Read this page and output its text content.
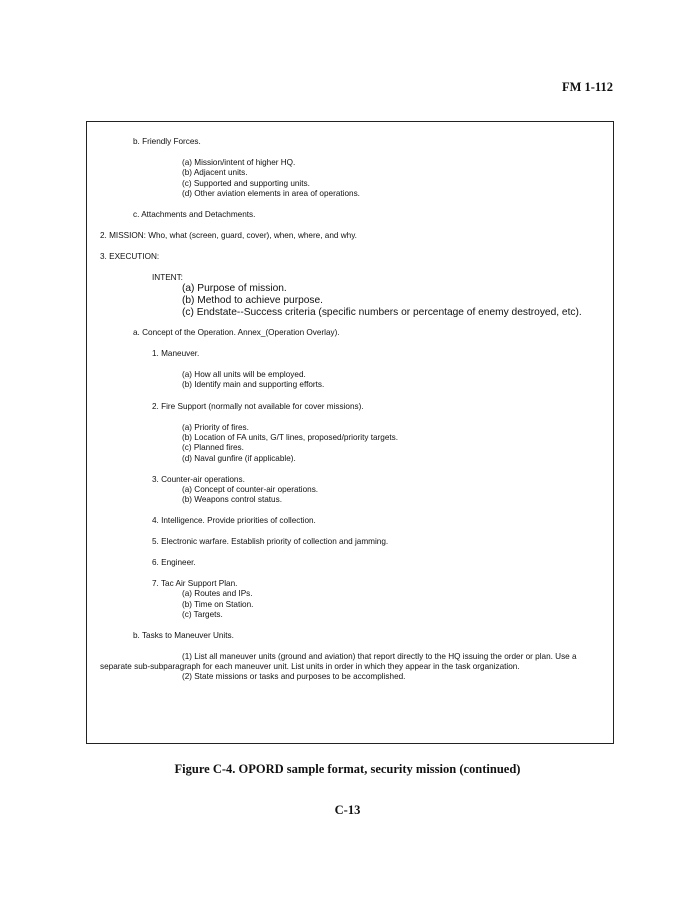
FM 1-112
b. Friendly Forces.
(a) Mission/intent of higher HQ.
(b) Adjacent units.
(c) Supported and supporting units.
(d) Other aviation elements in area of operations.
c. Attachments and Detachments.
2. MISSION: Who, what (screen, guard, cover), when, where, and why.
3. EXECUTION:
INTENT:
(a) Purpose of mission.
(b) Method to achieve purpose.
(c) Endstate--Success criteria (specific numbers or percentage of enemy destroyed, etc).
a. Concept of the Operation. Annex_(Operation Overlay).
1. Maneuver.
(a) How all units will be employed.
(b) Identify main and supporting efforts.
2. Fire Support (normally not available for cover missions).
(a) Priority of fires.
(b) Location of FA units, G/T lines, proposed/priority targets.
(c) Planned fires.
(d) Naval gunfire (if applicable).
3. Counter-air operations.
(a) Concept of counter-air operations.
(b) Weapons control status.
4. Intelligence. Provide priorities of collection.
5. Electronic warfare. Establish priority of collection and jamming.
6. Engineer.
7. Tac Air Support Plan.
(a) Routes and IPs.
(b) Time on Station.
(c) Targets.
b. Tasks to Maneuver Units.
(1) List all maneuver units (ground and aviation) that report directly to the HQ issuing the order or plan. Use a
separate sub-subparagraph for each maneuver unit. List units in order in which they appear in the task organization.
(2) State missions or tasks and purposes to be accomplished.
Figure C-4. OPORD sample format, security mission (continued)
C-13
